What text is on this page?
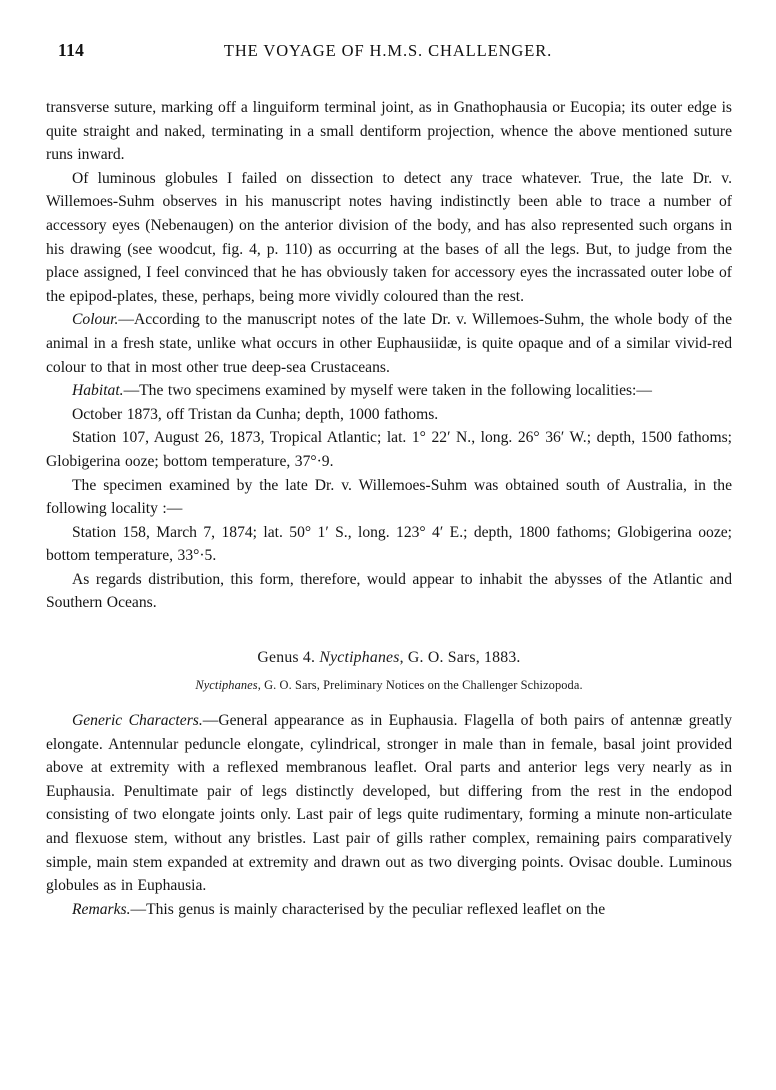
114	THE VOYAGE OF H.M.S. CHALLENGER.

transverse suture, marking off a linguiform terminal joint, as in Gnathophausia or Eucopia; its outer edge is quite straight and naked, terminating in a small dentiform projection, whence the above mentioned suture runs inward.

Of luminous globules I failed on dissection to detect any trace whatever. True, the late Dr. v. Willemoes-Suhm observes in his manuscript notes having indistinctly been able to trace a number of accessory eyes (Nebenaugen) on the anterior division of the body, and has also represented such organs in his drawing (see woodcut, fig. 4, p. 110) as occurring at the bases of all the legs. But, to judge from the place assigned, I feel convinced that he has obviously taken for accessory eyes the incrassated outer lobe of the epipod-plates, these, perhaps, being more vividly coloured than the rest.

Colour.—According to the manuscript notes of the late Dr. v. Willemoes-Suhm, the whole body of the animal in a fresh state, unlike what occurs in other Euphausiidæ, is quite opaque and of a similar vivid-red colour to that in most other true deep-sea Crustaceans.

Habitat.—The two specimens examined by myself were taken in the following localities:—

October 1873, off Tristan da Cunha; depth, 1000 fathoms.

Station 107, August 26, 1873, Tropical Atlantic; lat. 1° 22′ N., long. 26° 36′ W.; depth, 1500 fathoms; Globigerina ooze; bottom temperature, 37°·9.

The specimen examined by the late Dr. v. Willemoes-Suhm was obtained south of Australia, in the following locality :—

Station 158, March 7, 1874; lat. 50° 1′ S., long. 123° 4′ E.; depth, 1800 fathoms; Globigerina ooze; bottom temperature, 33°·5.

As regards distribution, this form, therefore, would appear to inhabit the abysses of the Atlantic and Southern Oceans.

Genus 4. Nyctiphanes, G. O. Sars, 1883.
Nyctiphanes, G. O. Sars, Preliminary Notices on the Challenger Schizopoda.

Generic Characters.—General appearance as in Euphausia. Flagella of both pairs of antennæ greatly elongate. Antennular peduncle elongate, cylindrical, stronger in male than in female, basal joint provided above at extremity with a reflexed membranous leaflet. Oral parts and anterior legs very nearly as in Euphausia. Penultimate pair of legs distinctly developed, but differing from the rest in the endopod consisting of two elongate joints only. Last pair of legs quite rudimentary, forming a minute non-articulate and flexuose stem, without any bristles. Last pair of gills rather complex, remaining pairs comparatively simple, main stem expanded at extremity and drawn out as two diverging points. Ovisac double. Luminous globules as in Euphausia.

Remarks.—This genus is mainly characterised by the peculiar reflexed leaflet on the
